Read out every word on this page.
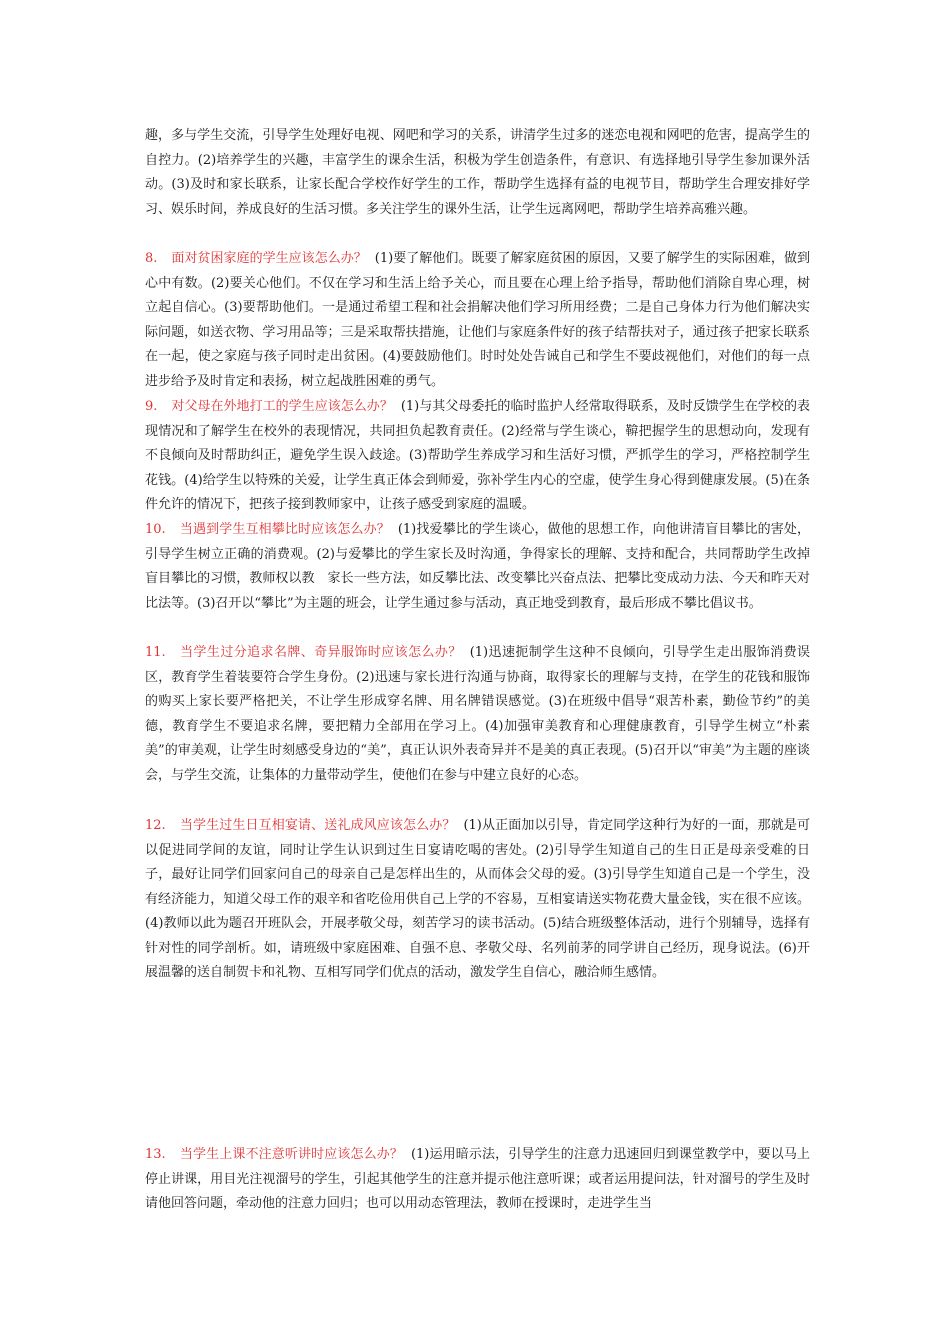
趣，多与学生交流，引导学生处理好电视、网吧和学习的关系，讲清学生过多的迷恋电视和网吧的危害，提高学生的自控力。(2)培养学生的兴趣，丰富学生的课余生活，积极为学生创造条件，有意识、有选择地引导学生参加课外活动。(3)及时和家长联系，让家长配合学校作好学生的工作，帮助学生选择有益的电视节目，帮助学生合理安排好学习、娱乐时间，养成良好的生活习惯。多关注学生的课外生活，让学生远离网吧，帮助学生培养高雅兴趣。

8. 面对贫困家庭的学生应该怎么办？ (1)要了解他们。既要了解家庭贫困的原因，又要了解学生的实际困难，做到心中有数。(2)要关心他们。不仅在学习和生活上给予关心，而且要在心理上给予指导，帮助他们消除自卑心理，树立起自信心。(3)要帮助他们。一是通过希望工程和社会捐解决他们学习所用经费；二是自己身体力行为他们解决实际问题，如送衣物、学习用品等；三是采取帮扶措施，让他们与家庭条件好的孩子结帮扶对子，通过孩子把家长联系在一起，使之家庭与孩子同时走出贫困。(4)要鼓励他们。时时处处告诫自己和学生不要歧视他们，对他们的每一点进步给予及时肯定和表扬，树立起战胜困难的勇气。

9. 对父母在外地打工的学生应该怎么办？ (1)与其父母委托的临时监护人经常取得联系，及时反馈学生在学校的表现情况和了解学生在校外的表现情况，共同担负起教育责任。(2)经常与学生谈心，鞥把握学生的思想动向，发现有不良倾向及时帮助纠正，避免学生误入歧途。(3)帮助学生养成学习和生活好习惯，严抓学生的学习，严格控制学生花钱。(4)给学生以特殊的关爱，让学生真正体会到师爱，弥补学生内心的空虚，使学生身心得到健康发展。(5)在条件允许的情况下，把孩子接到教师家中，让孩子感受到家庭的温暖。

10. 当遇到学生互相攀比时应该怎么办？ (1)找爱攀比的学生谈心，做他的思想工作，向他讲清盲目攀比的害处，引导学生树立正确的消费观。(2)与爱攀比的学生家长及时沟通，争得家长的理解、支持和配合，共同帮助学生改掉盲目攀比的习惯，教师权以教　家长一些方法，如反攀比法、改变攀比兴奋点法、把攀比变成动力法、今天和昨天对比法等。(3)召开以“攀比”为主题的班会，让学生通过参与活动，真正地受到教育，最后形成不攀比倡议书。

11. 当学生过分追求名牌、奇异服饰时应该怎么办？ (1)迅速扼制学生这种不良倾向，引导学生走出服饰消费误区，教育学生着装要符合学生身份。(2)迅速与家长进行沟通与协商，取得家长的理解与支持，在学生的花钱和服饰的购买上家长要严格把关，不让学生形成穿名牌、用名牌错误感觉。(3)在班级中倡导“艰苦朴素，勤俭节约”的美德，教育学生不要追求名牌，要把精力全部用在学习上。(4)加强审美教育和心理健康教育，引导学生树立“朴素美”的审美观，让学生时刻感受身边的“美”，真正认识外表奇异并不是美的真正表现。(5)召开以“审美”为主题的座谈会，与学生交流，让集体的力量带动学生，使他们在参与中建立良好的心态。

12. 当学生过生日互相宴请、送礼成风应该怎么办？ (1)从正面加以引导，肯定同学这种行为好的一面，那就是可以促进同学间的友谊，同时让学生认识到过生日宴请吃喝的害处。(2)引导学生知道自己的生日正是母亲受难的日子，最好让同学们回家问自己的母亲自己是怎样出生的，从而体会父母的爱。(3)引导学生知道自己是一个学生，没有经济能力，知道父母工作的艰辛和省吃俭用供自己上学的不容易，互相宴请送实物花费大量金钱，实在很不应该。(4)教师以此为题召开班队会，开展孝敬父母，刻苦学习的读书活动。(5)结合班级整体活动，进行个别辅导，选择有针对性的同学剖析。如，请班级中家庭困难、自强不息、孝敬父母、名列前茅的同学讲自己经历，现身说法。(6)开展温馨的送自制贺卡和礼物、互相写同学们优点的活动，激发学生自信心，融洽师生感情。

13. 当学生上课不注意听讲时应该怎么办？ (1)运用暗示法，引导学生的注意力迅速回归到课堂教学中，要以马上停止讲课，用目光注视溜号的学生，引起其他学生的注意并提示他注意听课；或者运用提问法，针对溜号的学生及时请他回答问题，牵动他的注意力回归；也可以用动态管理法，教师在授课时，走进学生当
